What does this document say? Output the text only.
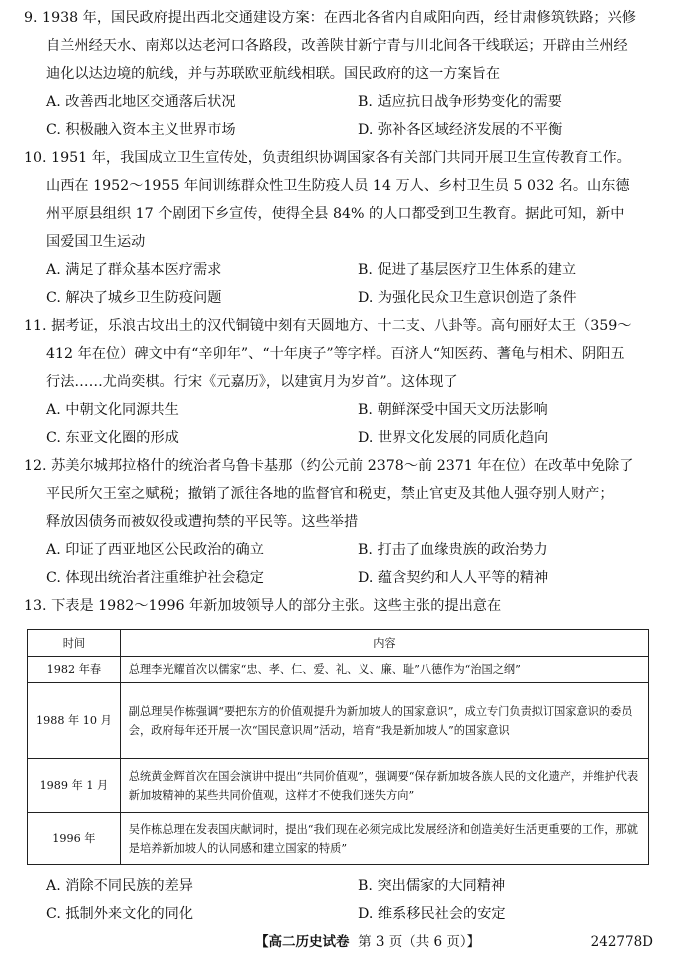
9. 1938 年，国民政府提出西北交通建设方案：在西北各省内自咸阳向西，经甘肃修筑铁路；兴修
自兰州经天水、南郑以达老河口各路段，改善陕甘新宁青与川北间各干线联运；开辟由兰州经
迪化以达边境的航线，并与苏联欧亚航线相联。国民政府的这一方案旨在
A. 改善西北地区交通落后状况	B. 适应抗日战争形势变化的需要
C. 积极融入资本主义世界市场	D. 弥补各区域经济发展的不平衡
10. 1951 年，我国成立卫生宣传处，负责组织协调国家各有关部门共同开展卫生宣传教育工作。
山西在 1952～1955 年间训练群众性卫生防疫人员 14 万人、乡村卫生员 5 032 名。山东德
州平原县组织 17 个剧团下乡宣传，使得全县 84% 的人口都受到卫生教育。据此可知，新中
国爱国卫生运动
A. 满足了群众基本医疗需求	B. 促进了基层医疗卫生体系的建立
C. 解决了城乡卫生防疫问题	D. 为强化民众卫生意识创造了条件
11. 据考证，乐浪古坟出土的汉代铜镜中刻有天圆地方、十二支、八卦等。高句丽好太王（359～
412 年在位）碑文中有“辛卯年”、“十年庚子”等字样。百济人“知医药、蓍龟与相术、阴阳五
行法……尤尚奕棋。行宋《元嘉历》，以建寅月为岁首”。这体现了
A. 中朝文化同源共生	B. 朝鲜深受中国天文历法影响
C. 东亚文化圈的形成	D. 世界文化发展的同质化趋向
12. 苏美尔城邦拉格什的统治者乌鲁卡基那（约公元前 2378～前 2371 年在位）在改革中免除了
平民所欠王室之赋税；撤销了派往各地的监督官和税吏，禁止官吏及其他人强夺别人财产；
释放因债务而被奴役或遭拘禁的平民等。这些举措
A. 印证了西亚地区公民政治的确立	B. 打击了血缘贵族的政治势力
C. 体现出统治者注重维护社会稳定	D. 蕴含契约和人人平等的精神
13. 下表是 1982～1996 年新加坡领导人的部分主张。这些主张的提出意在
时间	内容
1982 年春	总理李光耀首次以儒家“忠、孝、仁、爱、礼、义、廉、耻”八德作为“治国之纲”
1988 年 10 月	副总理吴作栋强调“要把东方的价值观提升为新加坡人的国家意识”，成立专门负责拟订国家意识的委员会，政府每年还开展一次“国民意识周”活动，培育“我是新加坡人”的国家意识
1989 年 1 月	总统黄金辉首次在国会演讲中提出“共同价值观”，强调要“保存新加坡各族人民的文化遗产，并维护代表新加坡精神的某些共同价值观，这样才不使我们迷失方向”
1996 年	吴作栋总理在发表国庆献词时，提出“我们现在必须完成比发展经济和创造美好生活更重要的工作，那就是培养新加坡人的认同感和建立国家的特质”
A. 消除不同民族的差异	B. 突出儒家的大同精神
C. 抵制外来文化的同化	D. 维系移民社会的安定
【高二历史试卷 第 3 页（共 6 页）】	242778D
